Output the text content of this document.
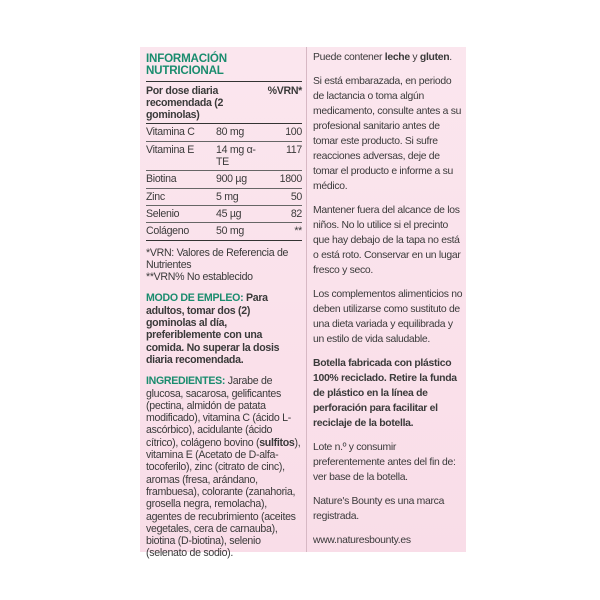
INFORMACIÓN NUTRICIONAL
Por dose diaria recomendada (2 gominolas)
%VRN*
Vitamina C	80 mg	100
Vitamina E	14 mg α-TE	117
Biotina	900 µg	1800
Zinc	5 mg	50
Selenio	45 µg	82
Colágeno	50 mg	**
*VRN: Valores de Referencia de Nutrientes
**VRN% No establecido
MODO DE EMPLEO: Para adultos, tomar dos (2) gominolas al día, preferiblemente con una comida. No superar la dosis diaria recomendada.
INGREDIENTES: Jarabe de glucosa, sacarosa, gelificantes (pectina, almidón de patata modificado), vitamina C (ácido L-ascórbico), acidulante (ácido cítrico), colágeno bovino (sulfitos), vitamina E (Acetato de D-alfa-tocoferilo), zinc (citrato de cinc), aromas (fresa, arándano, frambuesa), colorante (zanahoria, grosella negra, remolacha), agentes de recubrimiento (aceites vegetales, cera de carnauba), biotina (D-biotina), selenio (selenato de sodio).

Puede contener leche y gluten.

Si está embarazada, en periodo de lactancia o toma algún medicamento, consulte antes a su profesional sanitario antes de tomar este producto. Si sufre reacciones adversas, deje de tomar el producto e informe a su médico.

Mantener fuera del alcance de los niños. No lo utilice si el precinto que hay debajo de la tapa no está o está roto. Conservar en un lugar fresco y seco.

Los complementos alimenticios no deben utilizarse como sustituto de una dieta variada y equilibrada y un estilo de vida saludable.

Botella fabricada con plástico 100% reciclado. Retire la funda de plástico en la línea de perforación para facilitar el reciclaje de la botella.

Lote n.º y consumir preferentemente antes del fin de: ver base de la botella.

Nature's Bounty es una marca registrada.

www.naturesbounty.es
